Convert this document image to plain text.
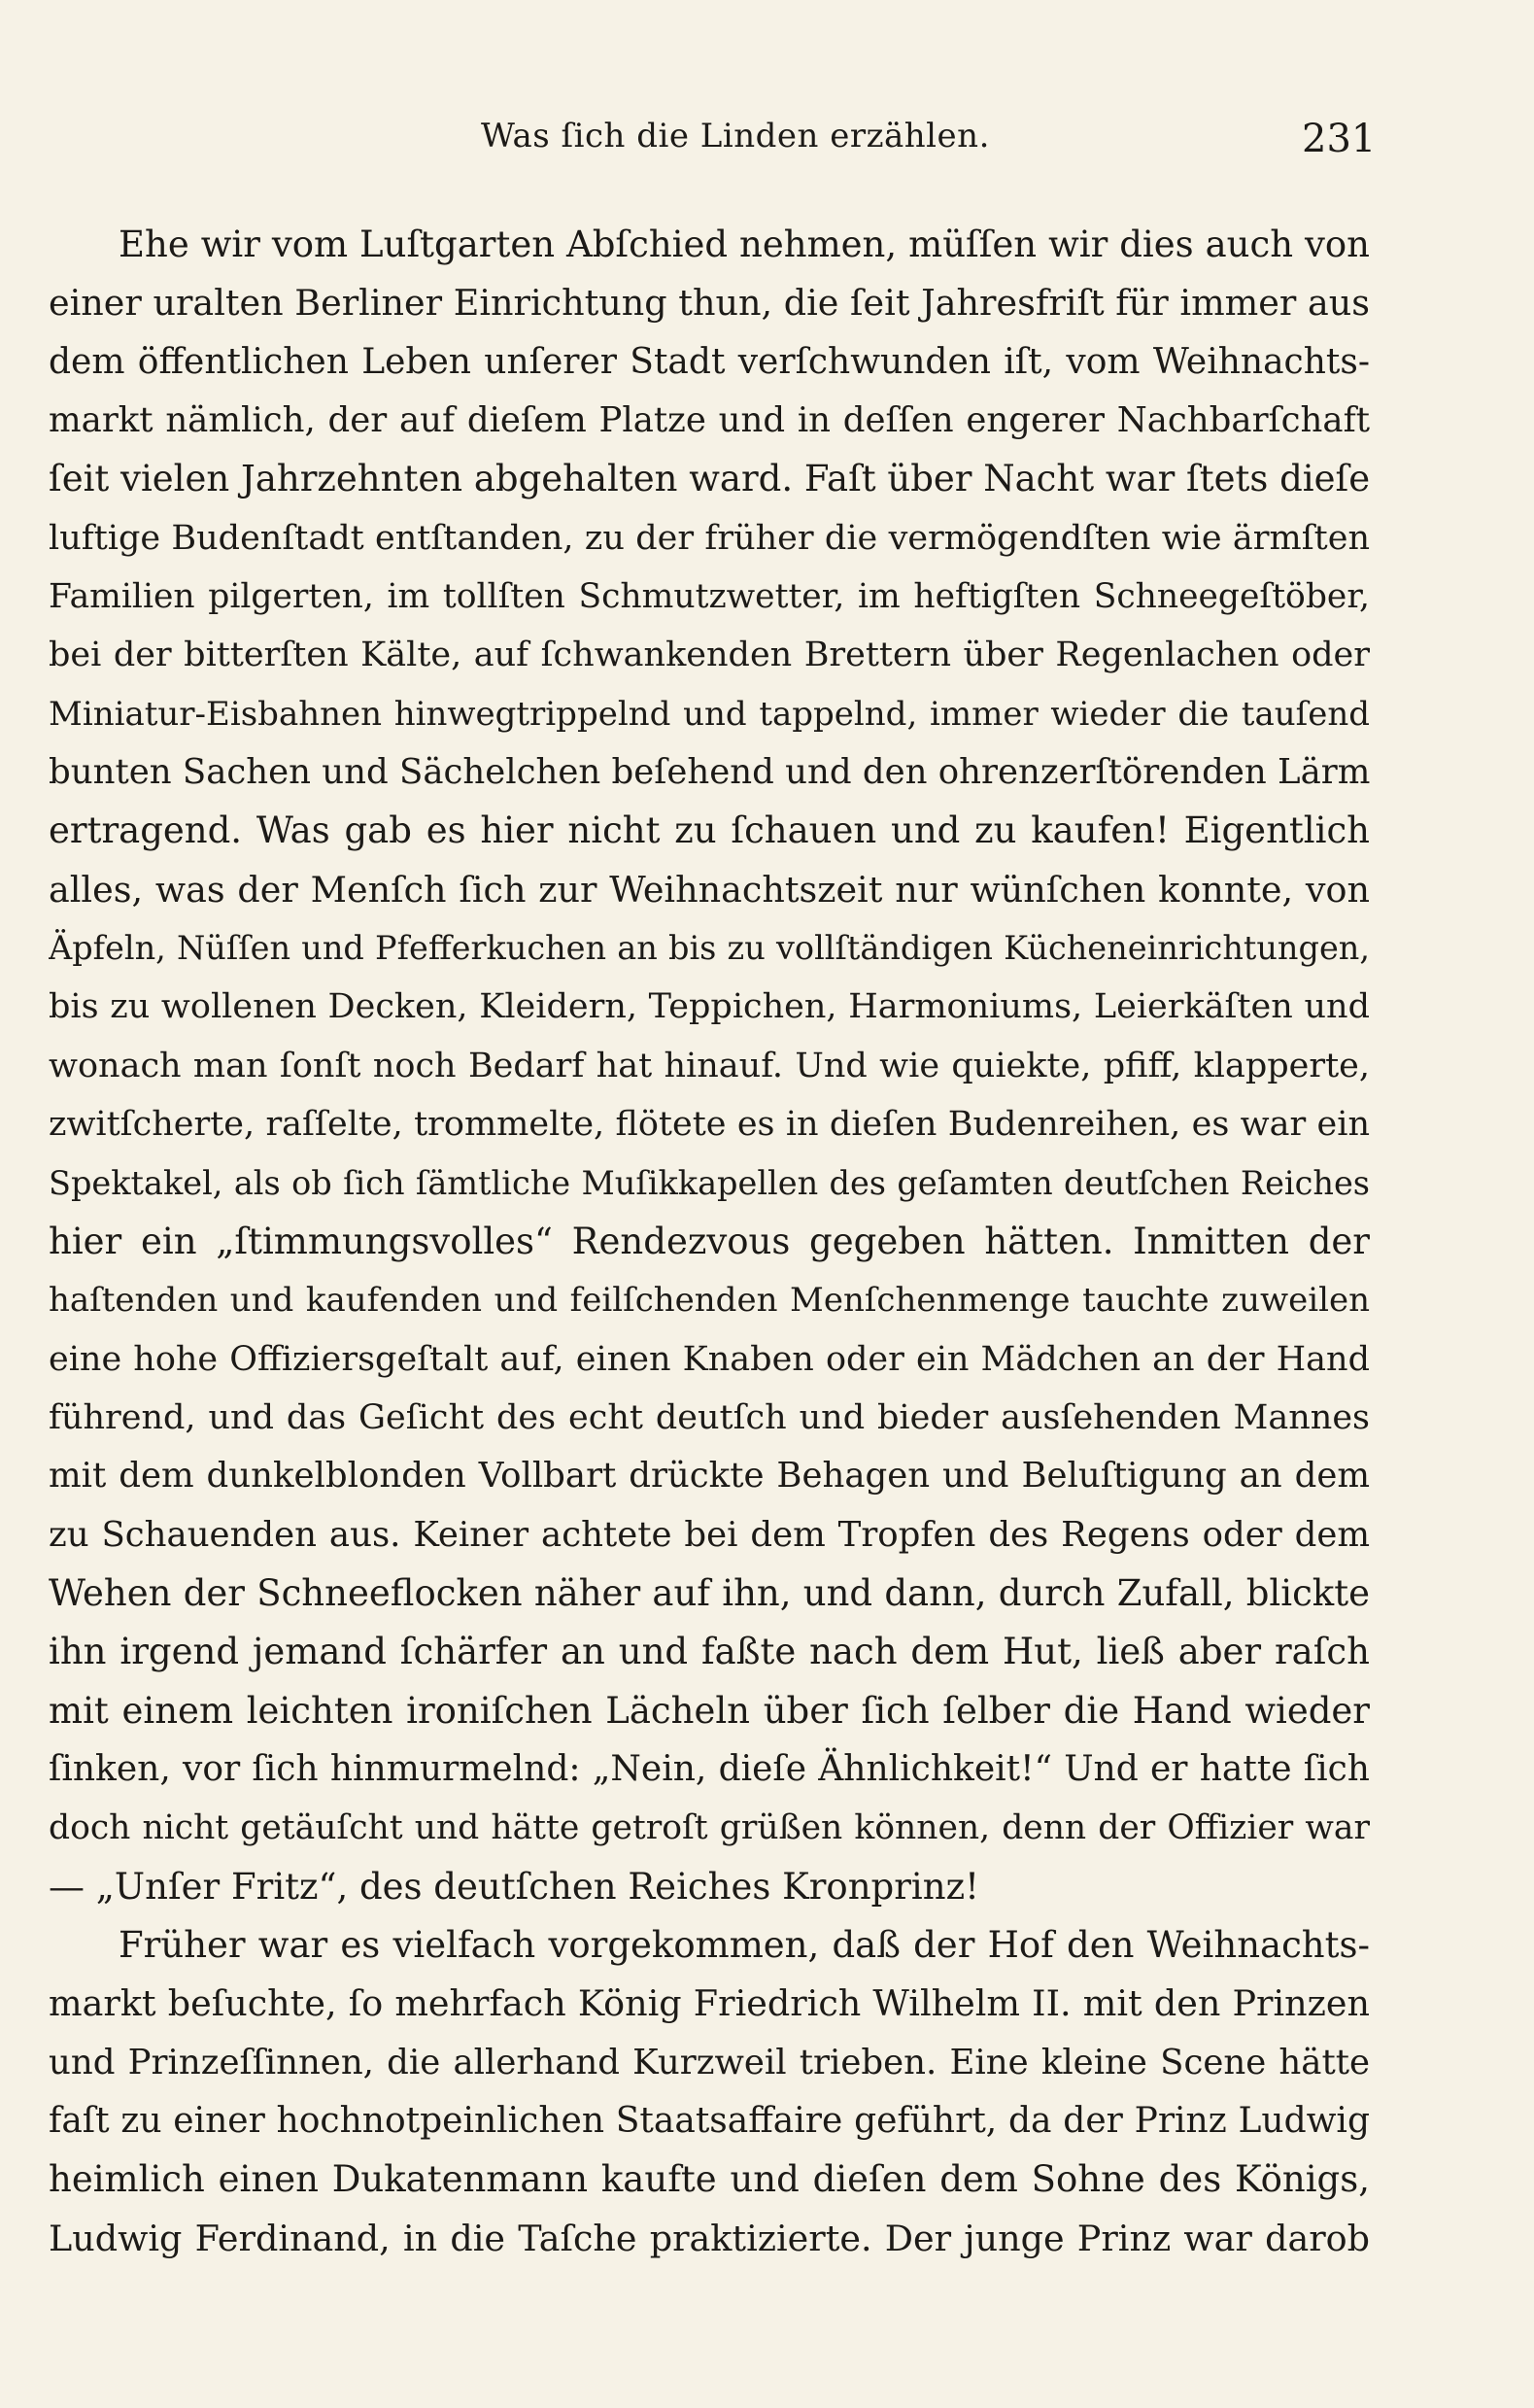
Was ſich die Linden erzählen.	231
Ehe wir vom Luſtgarten Abſchied nehmen, müſſen wir dies auch von
einer uralten Berliner Einrichtung thun, die ſeit Jahresfriſt für immer aus
dem öffentlichen Leben unſerer Stadt verſchwunden iſt, vom Weihnachts-
markt nämlich, der auf dieſem Platze und in deſſen engerer Nachbarſchaft
ſeit vielen Jahrzehnten abgehalten ward. Faſt über Nacht war ſtets dieſe
luftige Budenſtadt entſtanden, zu der früher die vermögendſten wie ärmſten
Familien pilgerten, im tollſten Schmutzwetter, im heftigſten Schneegeſtöber,
bei der bitterſten Kälte, auf ſchwankenden Brettern über Regenlachen oder
Miniatur-Eisbahnen hinwegtrippelnd und tappelnd, immer wieder die tauſend
bunten Sachen und Sächelchen beſehend und den ohrenzerſtörenden Lärm
ertragend. Was gab es hier nicht zu ſchauen und zu kaufen! Eigentlich
alles, was der Menſch ſich zur Weihnachtszeit nur wünſchen konnte, von
Äpfeln, Nüſſen und Pfefferkuchen an bis zu vollſtändigen Kücheneinrichtungen,
bis zu wollenen Decken, Kleidern, Teppichen, Harmoniums, Leierkäſten und
wonach man ſonſt noch Bedarf hat hinauf. Und wie quiekte, pfiff, klapperte,
zwitſcherte, raſſelte, trommelte, flötete es in dieſen Budenreihen, es war ein
Spektakel, als ob ſich ſämtliche Muſikkapellen des geſamten deutſchen Reiches
hier ein „ſtimmungsvolles“ Rendezvous gegeben hätten. Inmitten der
haſtenden und kaufenden und feilſchenden Menſchenmenge tauchte zuweilen
eine hohe Offiziersgeſtalt auf, einen Knaben oder ein Mädchen an der Hand
führend, und das Geſicht des echt deutſch und bieder ausſehenden Mannes
mit dem dunkelblonden Vollbart drückte Behagen und Beluſtigung an dem
zu Schauenden aus. Keiner achtete bei dem Tropfen des Regens oder dem
Wehen der Schneeflocken näher auf ihn, und dann, durch Zufall, blickte
ihn irgend jemand ſchärfer an und faßte nach dem Hut, ließ aber raſch
mit einem leichten ironiſchen Lächeln über ſich ſelber die Hand wieder
ſinken, vor ſich hinmurmelnd: „Nein, dieſe Ähnlichkeit!“ Und er hatte ſich
doch nicht getäuſcht und hätte getroſt grüßen können, denn der Offizier war
— „Unſer Fritz“, des deutſchen Reiches Kronprinz!
Früher war es vielfach vorgekommen, daß der Hof den Weihnachts-
markt beſuchte, ſo mehrfach König Friedrich Wilhelm II. mit den Prinzen
und Prinzeſſinnen, die allerhand Kurzweil trieben. Eine kleine Scene hätte
faſt zu einer hochnotpeinlichen Staatsaffaire geführt, da der Prinz Ludwig
heimlich einen Dukatenmann kaufte und dieſen dem Sohne des Königs,
Ludwig Ferdinand, in die Taſche praktizierte. Der junge Prinz war darob
